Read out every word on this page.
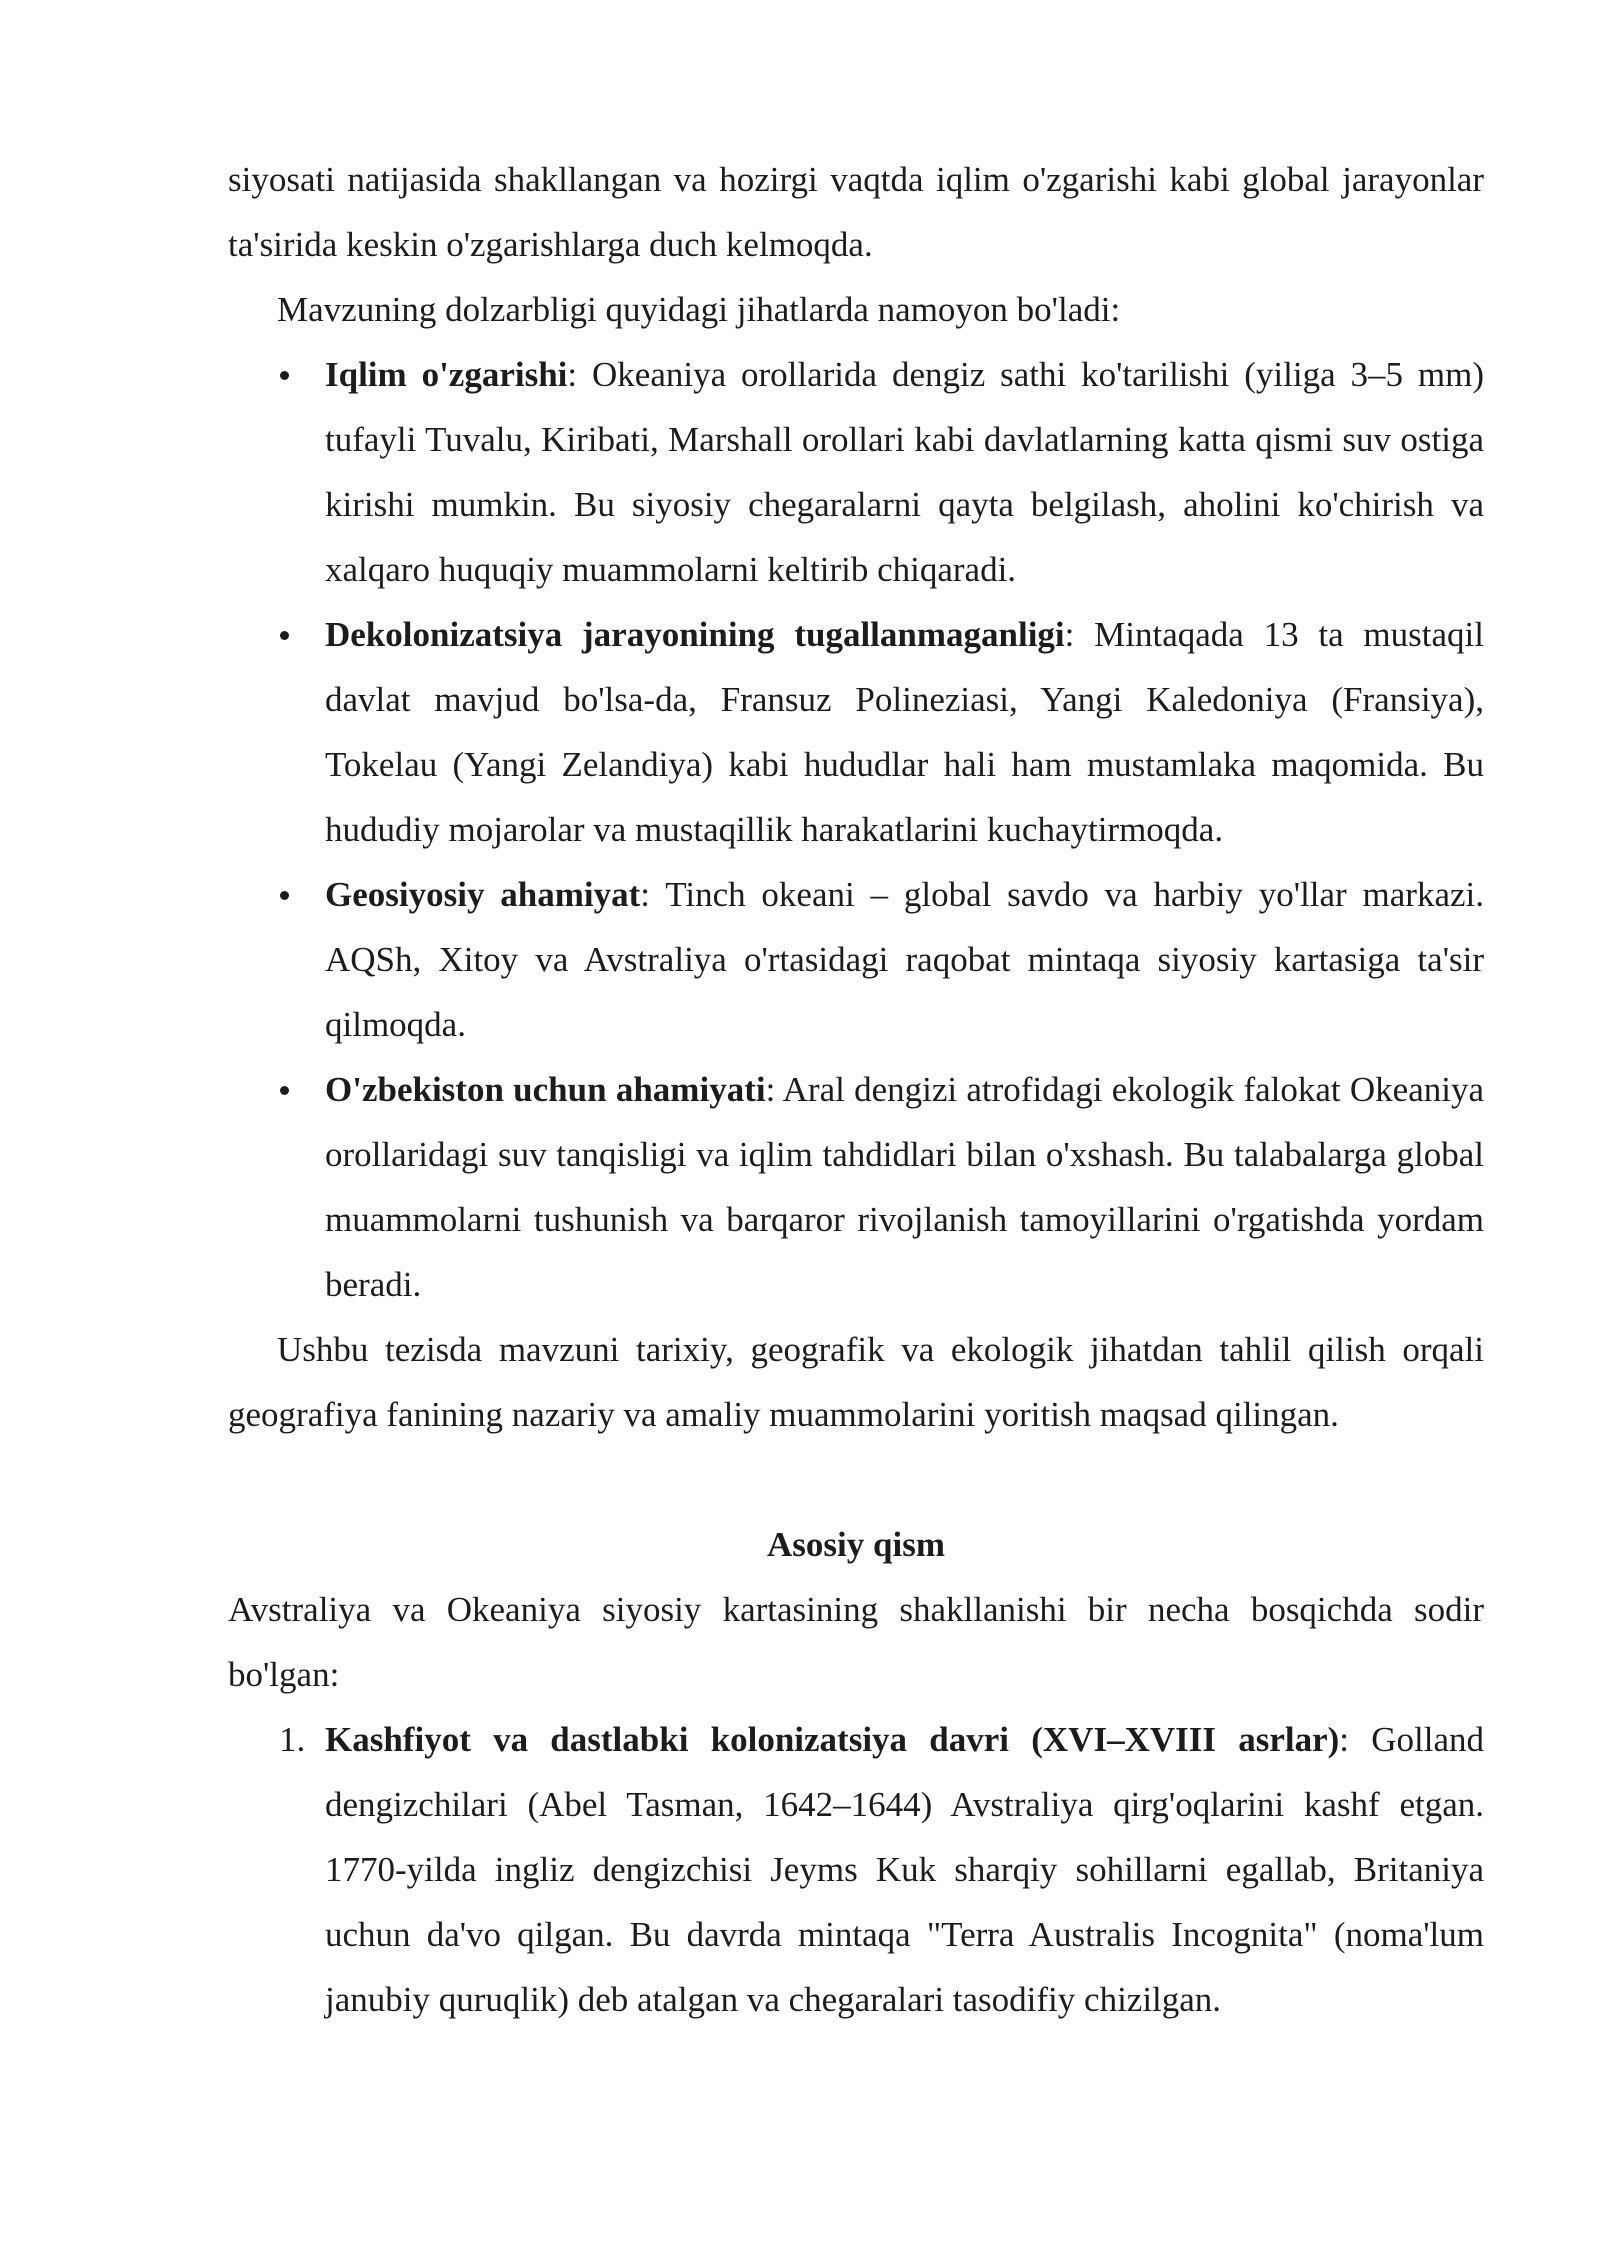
siyosati natijasida shakllangan va hozirgi vaqtda iqlim o'zgarishi kabi global jarayonlar ta'sirida keskin o'zgarishlarga duch kelmoqda.

Mavzuning dolzarbligi quyidagi jihatlarda namoyon bo'ladi:

Iqlim o'zgarishi: Okeaniya orollarida dengiz sathi ko'tarilishi (yiliga 3–5 mm) tufayli Tuvalu, Kiribati, Marshall orollari kabi davlatlarning katta qismi suv ostiga kirishi mumkin. Bu siyosiy chegaralarni qayta belgilash, aholini ko'chirish va xalqaro huquqiy muammolarni keltirib chiqaradi.
Dekolonizatsiya jarayonining tugallanmaganligi: Mintaqada 13 ta mustaqil davlat mavjud bo'lsa-da, Fransuz Polineziasi, Yangi Kaledoniya (Fransiya), Tokelau (Yangi Zelandiya) kabi hududlar hali ham mustamlaka maqomida. Bu hududiy mojarolar va mustaqillik harakatlarini kuchaytirmoqda.
Geosiyosiy ahamiyat: Tinch okeani – global savdo va harbiy yo'llar markazi. AQSh, Xitoy va Avstraliya o'rtasidagi raqobat mintaqa siyosiy kartasiga ta'sir qilmoqda.
O'zbekiston uchun ahamiyati: Aral dengizi atrofidagi ekologik falokat Okeaniya orollaridagi suv tanqisligi va iqlim tahdidlari bilan o'xshash. Bu talabalarga global muammolarni tushunish va barqaror rivojlanish tamoyillarini o'rgatishda yordam beradi.

Ushbu tezisda mavzuni tarixiy, geografik va ekologik jihatdan tahlil qilish orqali geografiya fanining nazariy va amaliy muammolarini yoritish maqsad qilingan.

Asosiy qism

Avstraliya va Okeaniya siyosiy kartasining shakllanishi bir necha bosqichda sodir bo'lgan:

1. Kashfiyot va dastlabki kolonizatsiya davri (XVI–XVIII asrlar): Golland dengizchilari (Abel Tasman, 1642–1644) Avstraliya qirg'oqlarini kashf etgan. 1770-yilda ingliz dengizchisi Jeyms Kuk sharqiy sohillarni egallab, Britaniya uchun da'vo qilgan. Bu davrda mintaqa "Terra Australis Incognita" (noma'lum janubiy quruqlik) deb atalgan va chegaralari tasodifiy chizilgan.
